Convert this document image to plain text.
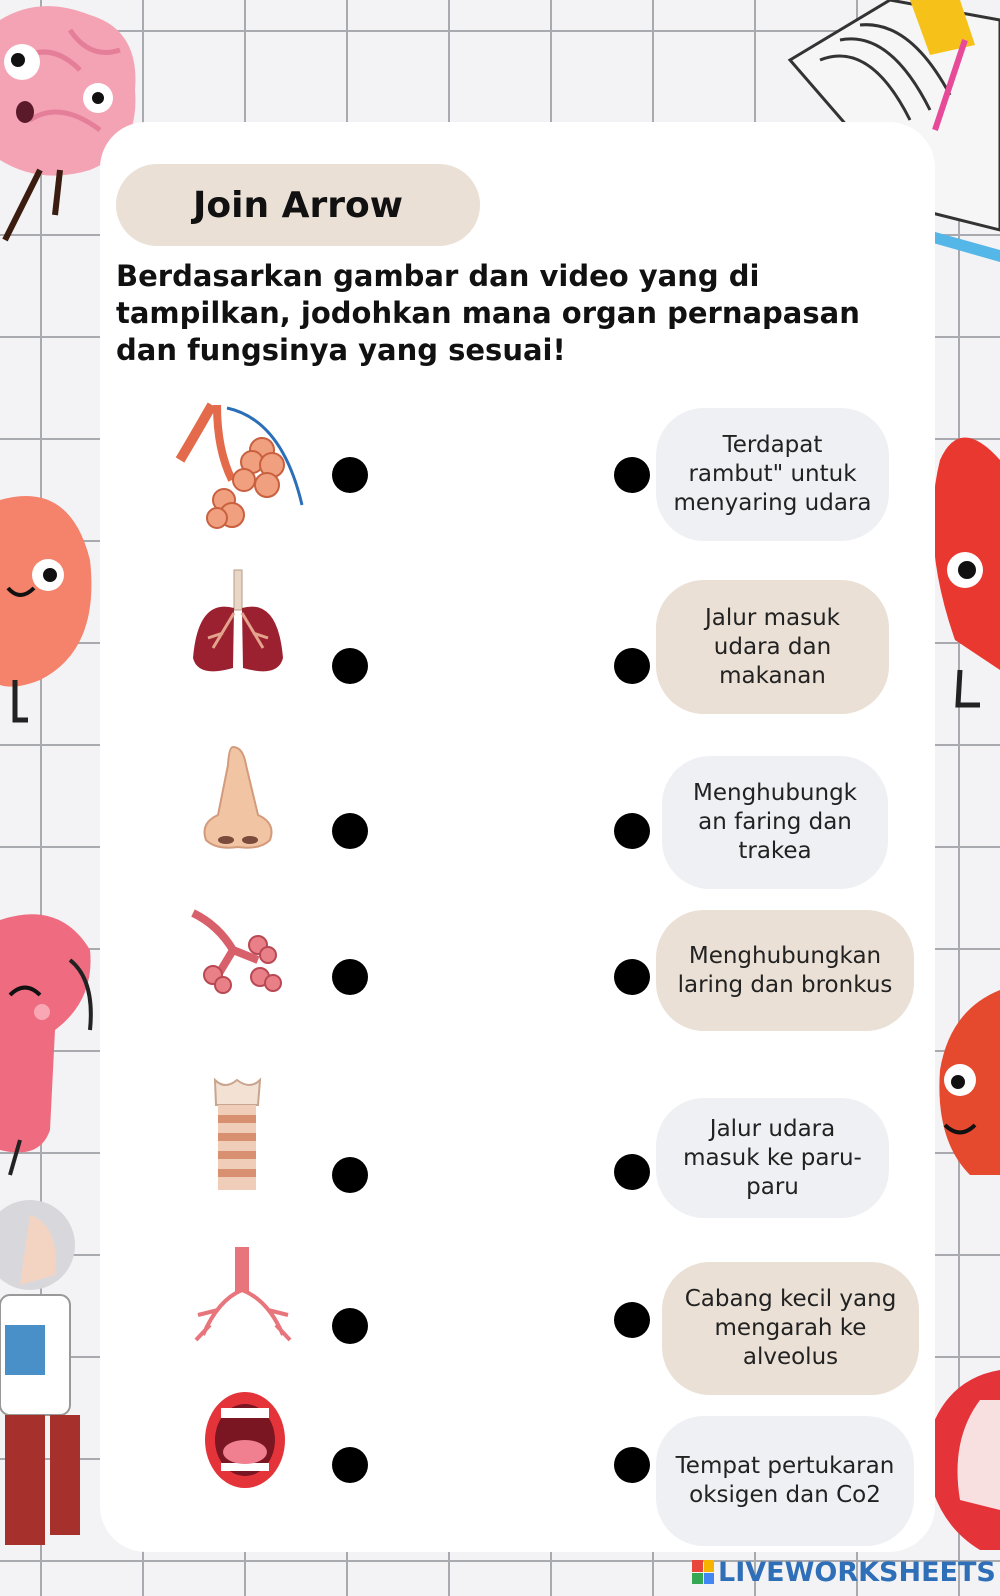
Join Arrow
Berdasarkan gambar dan video yang di tampilkan, jodohkan mana organ pernapasan dan fungsinya yang sesuai!
Terdapat rambut" untuk menyaring udara
Jalur masuk udara dan makanan
Menghubungk an faring dan trakea
Menghubungkan laring dan bronkus
Jalur udara masuk ke paru- paru
Cabang kecil yang mengarah ke alveolus
Tempat pertukaran oksigen dan Co2
LIVEWORKSHEETS
